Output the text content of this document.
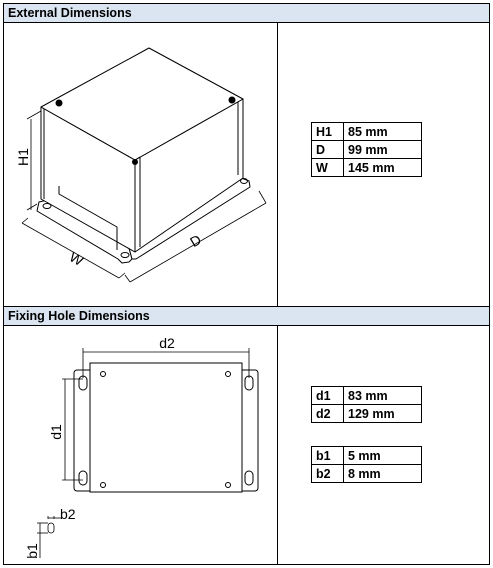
External Dimensions
Fixing Hole Dimensions
H1
W
D
H1	85 mm
D	99 mm
W	145 mm
d2
d1
b2
b1
d1	83 mm
d2	129 mm
b1	5 mm
b2	8 mm
